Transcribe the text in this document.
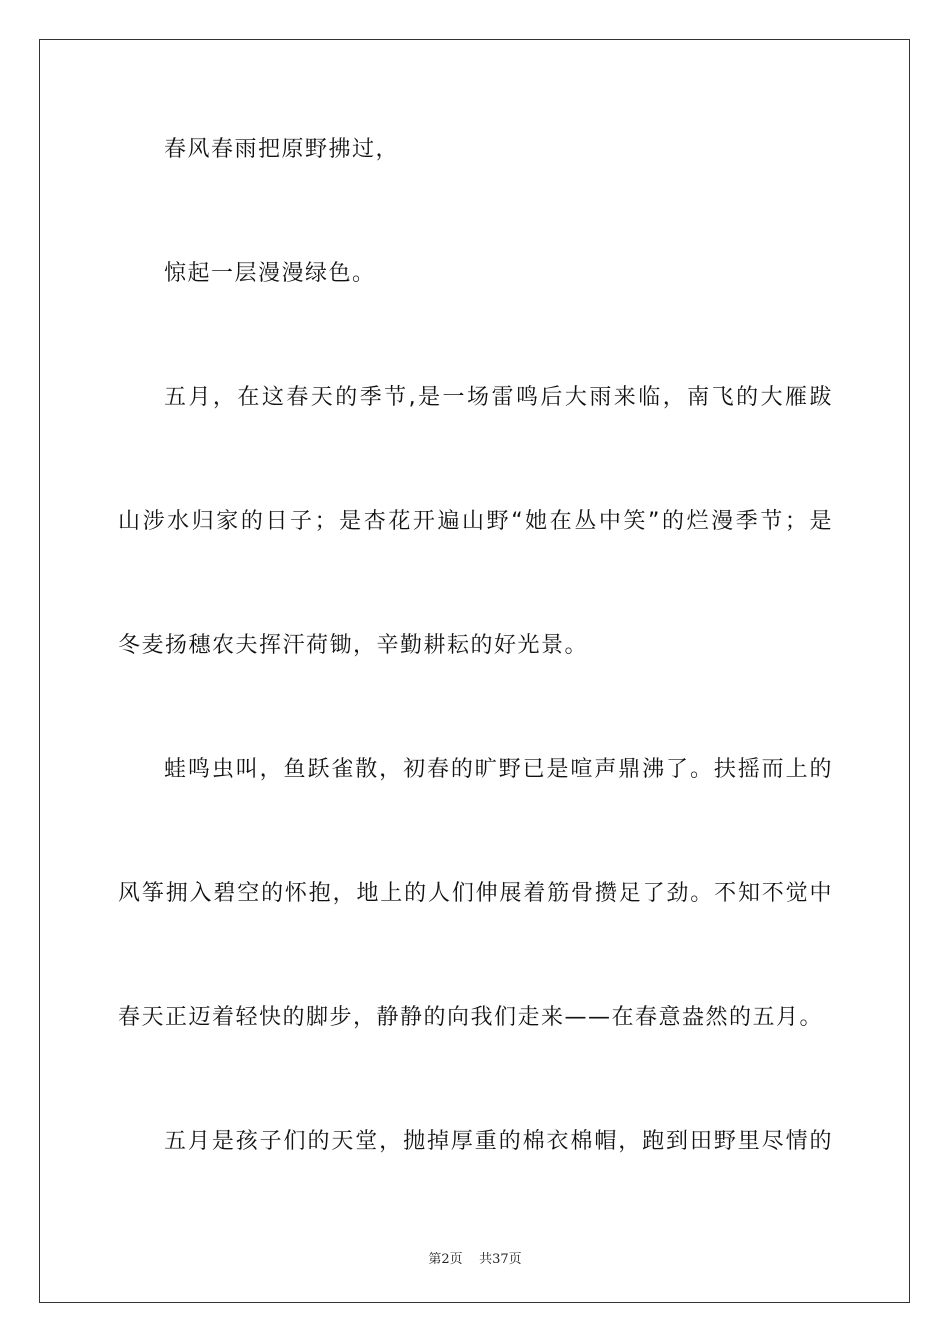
春风春雨把原野拂过，
惊起一层漫漫绿色。
五月，在这春天的季节,是一场雷鸣后大雨来临，南飞的大雁跋
山涉水归家的日子；是杏花开遍山野“她在丛中笑”的烂漫季节；是
冬麦扬穗农夫挥汗荷锄，辛勤耕耘的好光景。
蛙鸣虫叫，鱼跃雀散，初春的旷野已是喧声鼎沸了。扶摇而上的
风筝拥入碧空的怀抱，地上的人们伸展着筋骨攒足了劲。不知不觉中
春天正迈着轻快的脚步，静静的向我们走来——在春意盎然的五月。
五月是孩子们的天堂，抛掉厚重的棉衣棉帽，跑到田野里尽情的
第2页 共37页
